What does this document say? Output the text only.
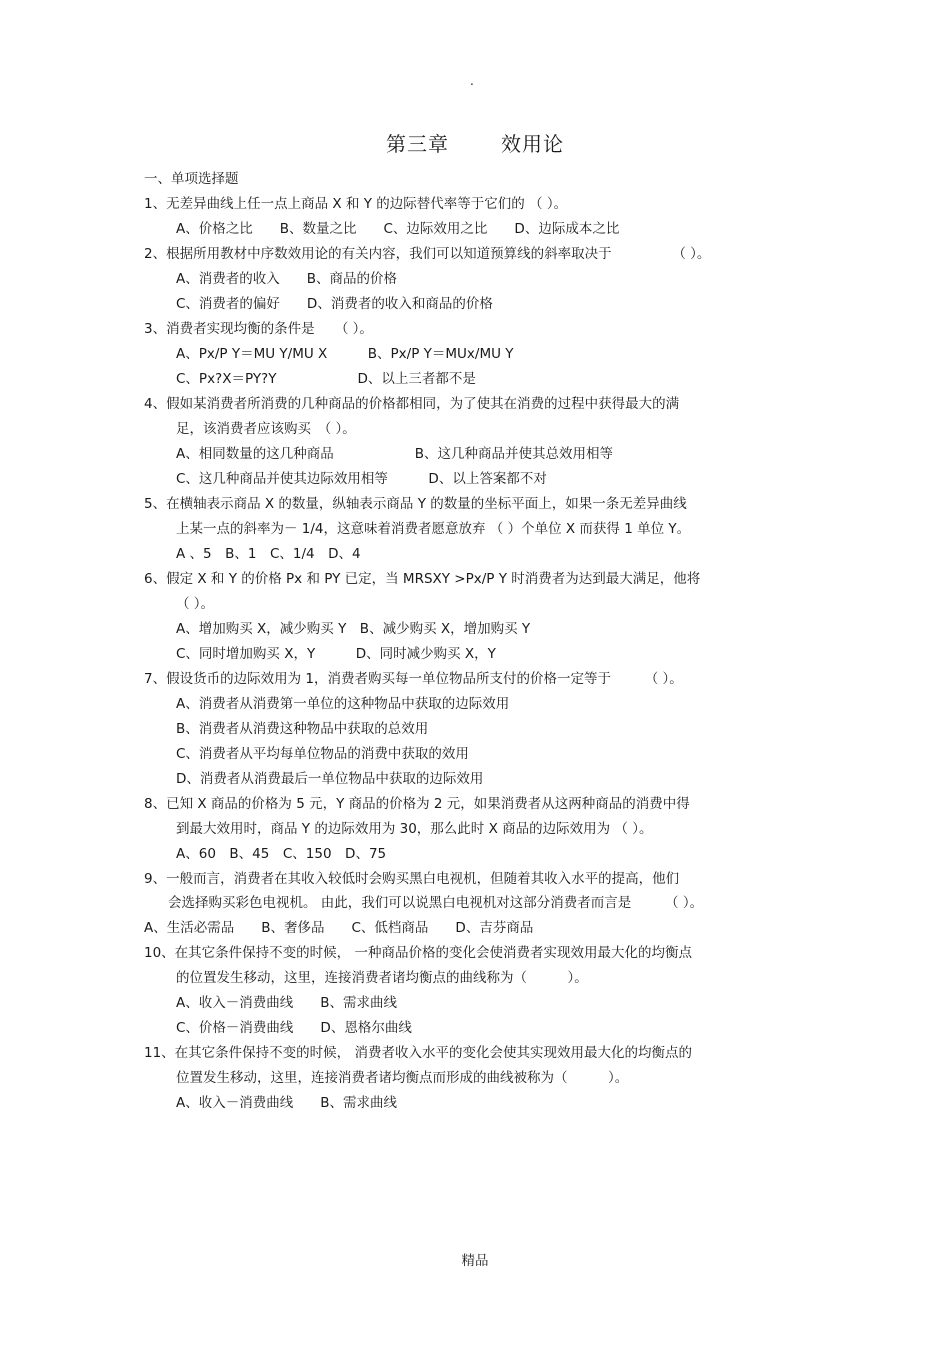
.
第三章	效用论
一、单项选择题
1、无差异曲线上任一点上商品 X 和 Y 的边际替代率等于它们的 （ ）。
A、价格之比　　B、数量之比　　C、边际效用之比　　D、边际成本之比
2、根据所用教材中序数效用论的有关内容，我们可以知道预算线的斜率取决于　　　　　（ ）。
A、消费者的收入　　B、商品的价格
C、消费者的偏好　　D、消费者的收入和商品的价格
3、消费者实现均衡的条件是　　（ ）。
A、Px/P Y＝MU Y/MU X　　　B、Px/P Y＝MUx/MU Y
C、Px?X＝PY?Y　　　　　　D、以上三者都不是
4、假如某消费者所消费的几种商品的价格都相同，为了使其在消费的过程中获得最大的满
足，该消费者应该购买　（ ）。
A、相同数量的这几种商品　　　　　　B、这几种商品并使其总效用相等
C、这几种商品并使其边际效用相等　　　D、以上答案都不对
5、在横轴表示商品 X 的数量，纵轴表示商品 Y 的数量的坐标平面上，如果一条无差异曲线
上某一点的斜率为－ 1/4，这意味着消费者愿意放弃 （ ）个单位 X 而获得 1 单位 Y。
A 、5　B、1　C、1/4　D、4
6、假定 X 和 Y 的价格 Px 和 PY 已定，当 MRSXY >Px/P Y 时消费者为达到最大满足，他将
（ ）。
A、增加购买 X，减少购买 Y　B、减少购买 X，增加购买 Y
C、同时增加购买 X，Y　　　D、同时减少购买 X，Y
7、假设货币的边际效用为 1，消费者购买每一单位物品所支付的价格一定等于　　　（ ）。
A、消费者从消费第一单位的这种物品中获取的边际效用
B、消费者从消费这种物品中获取的总效用
C、消费者从平均每单位物品的消费中获取的效用
D、消费者从消费最后一单位物品中获取的边际效用
8、已知 X 商品的价格为 5 元，Y 商品的价格为 2 元，如果消费者从这两种商品的消费中得
到最大效用时，商品 Y 的边际效用为 30，那么此时 X 商品的边际效用为 （ ）。
A、60　B、45　C、150　D、75
9、一般而言，消费者在其收入较低时会购买黑白电视机，但随着其收入水平的提高，他们
会选择购买彩色电视机。 由此，我们可以说黑白电视机对这部分消费者而言是　　　（ ）。
A、生活必需品　　B、奢侈品　　C、低档商品　　D、吉芬商品
10、在其它条件保持不变的时候， 一种商品价格的变化会使消费者实现效用最大化的均衡点
的位置发生移动，这里，连接消费者诸均衡点的曲线称为（　　　）。
A、收入－消费曲线　　B、需求曲线
C、价格－消费曲线　　D、恩格尔曲线
11、在其它条件保持不变的时候， 消费者收入水平的变化会使其实现效用最大化的均衡点的
位置发生移动，这里，连接消费者诸均衡点而形成的曲线被称为（　　　）。
A、收入－消费曲线　　B、需求曲线
精品
